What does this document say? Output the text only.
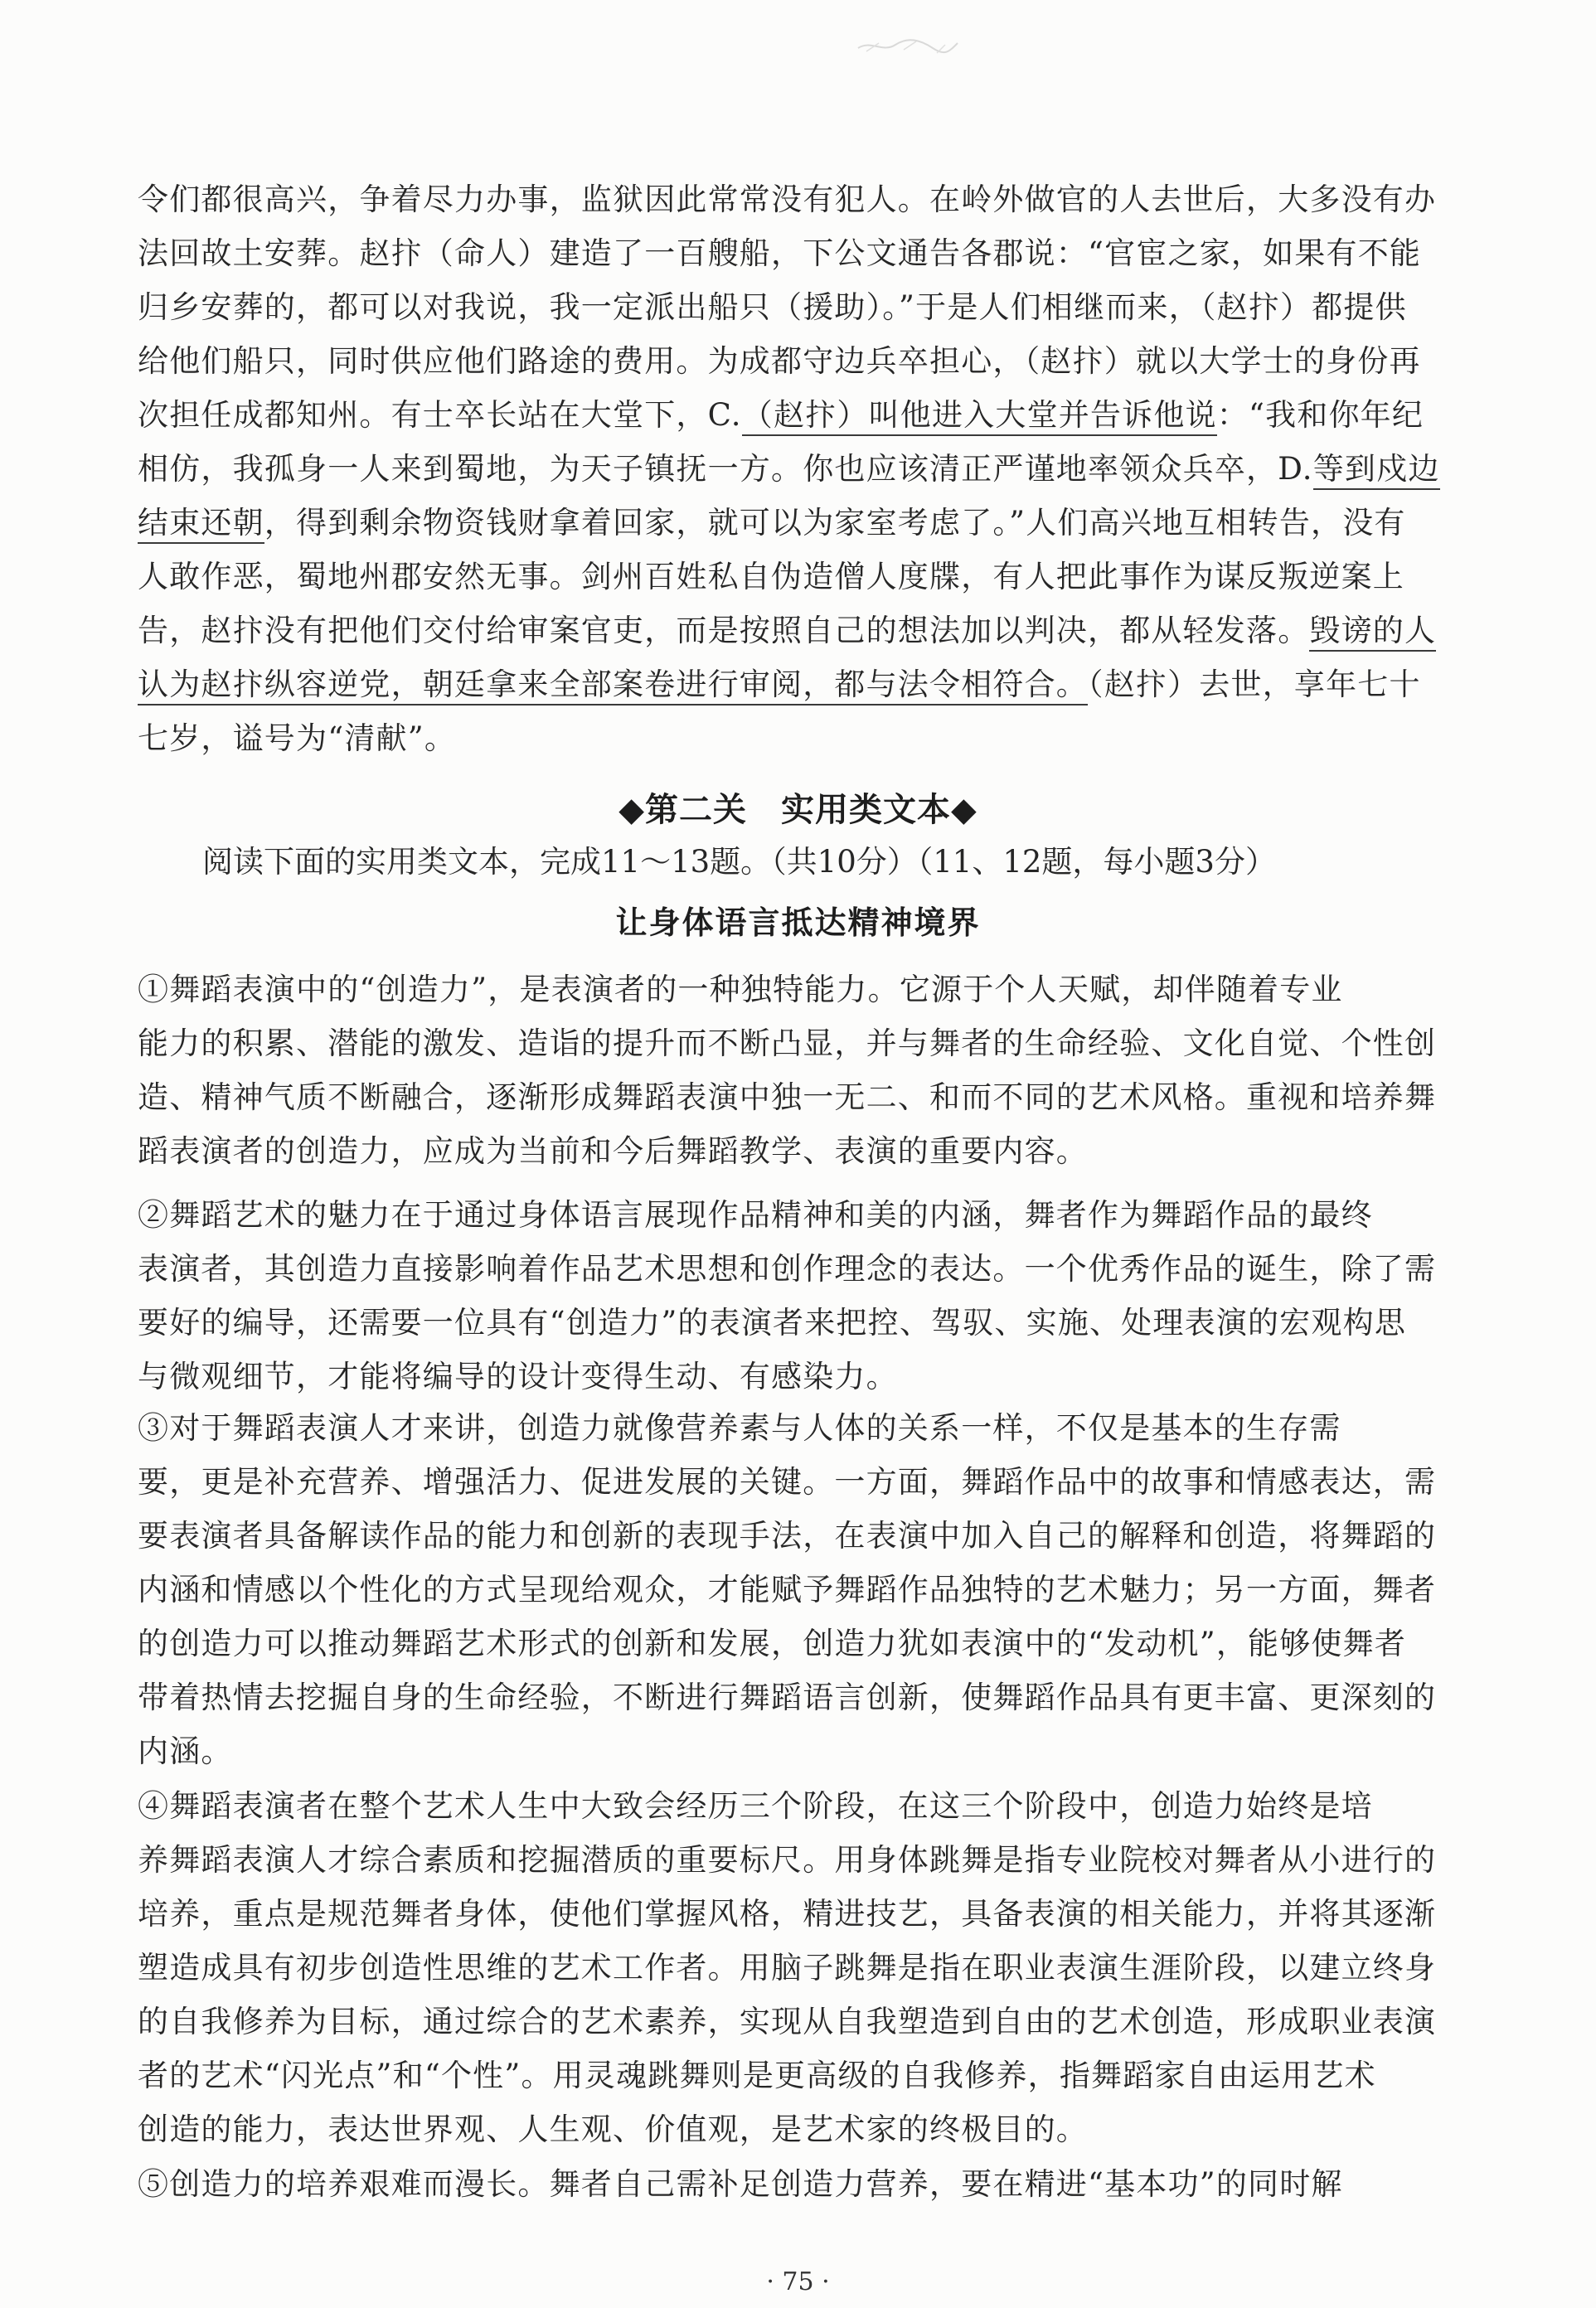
令们都很高兴，争着尽力办事，监狱因此常常没有犯人。在岭外做官的人去世后，大多没有办
法回故土安葬。赵抃（命人）建造了一百艘船，下公文通告各郡说：“官宦之家，如果有不能
归乡安葬的，都可以对我说，我一定派出船只（援助）。”于是人们相继而来，（赵抃）都提供
给他们船只，同时供应他们路途的费用。为成都守边兵卒担心，（赵抃）就以大学士的身份再
次担任成都知州。有士卒长站在大堂下，C.（赵抃）叫他进入大堂并告诉他说：“我和你年纪
相仿，我孤身一人来到蜀地，为天子镇抚一方。你也应该清正严谨地率领众兵卒，D.等到戍边
结束还朝，得到剩余物资钱财拿着回家，就可以为家室考虑了。”人们高兴地互相转告，没有
人敢作恶，蜀地州郡安然无事。剑州百姓私自伪造僧人度牒，有人把此事作为谋反叛逆案上
告，赵抃没有把他们交付给审案官吏，而是按照自己的想法加以判决，都从轻发落。毁谤的人
认为赵抃纵容逆党，朝廷拿来全部案卷进行审阅，都与法令相符合。（赵抃）去世，享年七十
七岁，谥号为“清献”。
◆第二关　实用类文本◆
阅读下面的实用类文本，完成11～13题。（共10分）（11、12题，每小题3分）
让身体语言抵达精神境界
①舞蹈表演中的“创造力”，是表演者的一种独特能力。它源于个人天赋，却伴随着专业
能力的积累、潜能的激发、造诣的提升而不断凸显，并与舞者的生命经验、文化自觉、个性创
造、精神气质不断融合，逐渐形成舞蹈表演中独一无二、和而不同的艺术风格。重视和培养舞
蹈表演者的创造力，应成为当前和今后舞蹈教学、表演的重要内容。
②舞蹈艺术的魅力在于通过身体语言展现作品精神和美的内涵，舞者作为舞蹈作品的最终
表演者，其创造力直接影响着作品艺术思想和创作理念的表达。一个优秀作品的诞生，除了需
要好的编导，还需要一位具有“创造力”的表演者来把控、驾驭、实施、处理表演的宏观构思
与微观细节，才能将编导的设计变得生动、有感染力。
③对于舞蹈表演人才来讲，创造力就像营养素与人体的关系一样，不仅是基本的生存需
要，更是补充营养、增强活力、促进发展的关键。一方面，舞蹈作品中的故事和情感表达，需
要表演者具备解读作品的能力和创新的表现手法，在表演中加入自己的解释和创造，将舞蹈的
内涵和情感以个性化的方式呈现给观众，才能赋予舞蹈作品独特的艺术魅力；另一方面，舞者
的创造力可以推动舞蹈艺术形式的创新和发展，创造力犹如表演中的“发动机”，能够使舞者
带着热情去挖掘自身的生命经验，不断进行舞蹈语言创新，使舞蹈作品具有更丰富、更深刻的
内涵。
④舞蹈表演者在整个艺术人生中大致会经历三个阶段，在这三个阶段中，创造力始终是培
养舞蹈表演人才综合素质和挖掘潜质的重要标尺。用身体跳舞是指专业院校对舞者从小进行的
培养，重点是规范舞者身体，使他们掌握风格，精进技艺，具备表演的相关能力，并将其逐渐
塑造成具有初步创造性思维的艺术工作者。用脑子跳舞是指在职业表演生涯阶段，以建立终身
的自我修养为目标，通过综合的艺术素养，实现从自我塑造到自由的艺术创造，形成职业表演
者的艺术“闪光点”和“个性”。用灵魂跳舞则是更高级的自我修养，指舞蹈家自由运用艺术
创造的能力，表达世界观、人生观、价值观，是艺术家的终极目的。
⑤创造力的培养艰难而漫长。舞者自己需补足创造力营养，要在精进“基本功”的同时解
· 75 ·
